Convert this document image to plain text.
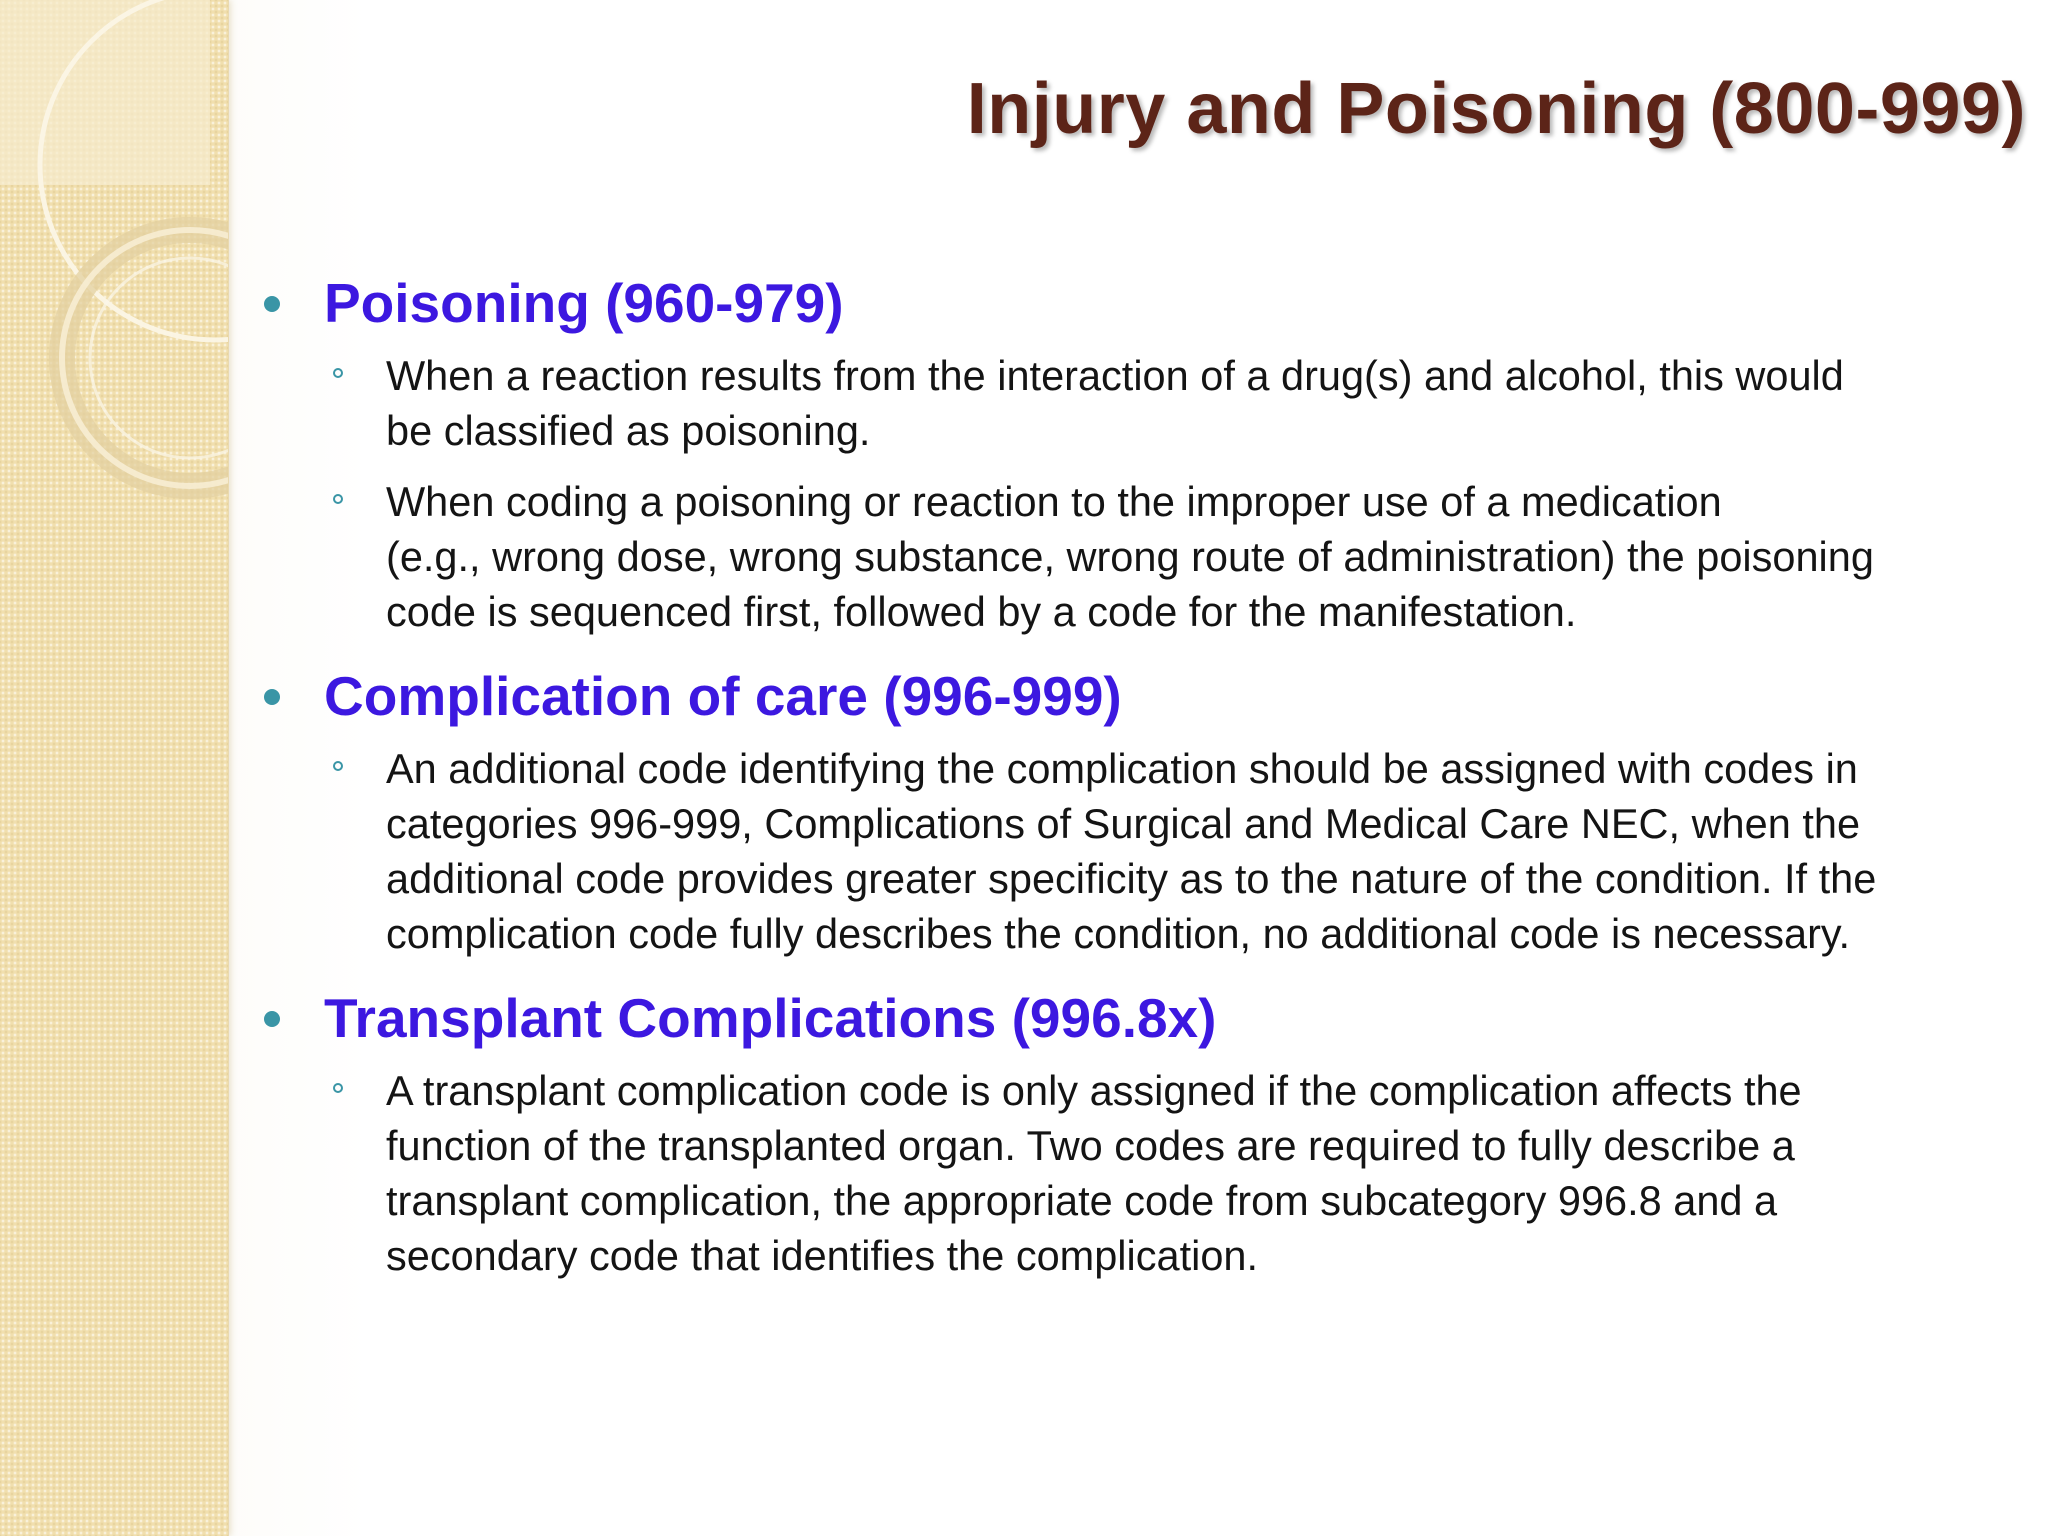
Injury and Poisoning (800-999)
Poisoning (960-979)
When a reaction results from the interaction of a drug(s) and alcohol, this would
be classified as poisoning.
When coding a poisoning or reaction to the improper use of a medication
(e.g., wrong dose, wrong substance, wrong route of administration) the poisoning
code is sequenced first, followed by a code for the manifestation.
Complication of care (996-999)
An additional code identifying the complication should be assigned with codes in
categories 996-999, Complications of Surgical and Medical Care NEC, when the
additional code provides greater specificity as to the nature of the condition. If the
complication code fully describes the condition, no additional code is necessary.
Transplant Complications (996.8x)
A transplant complication code is only assigned if the complication affects the
function of the transplanted organ. Two codes are required to fully describe a
transplant complication, the appropriate code from subcategory 996.8 and a
secondary code that identifies the complication.
